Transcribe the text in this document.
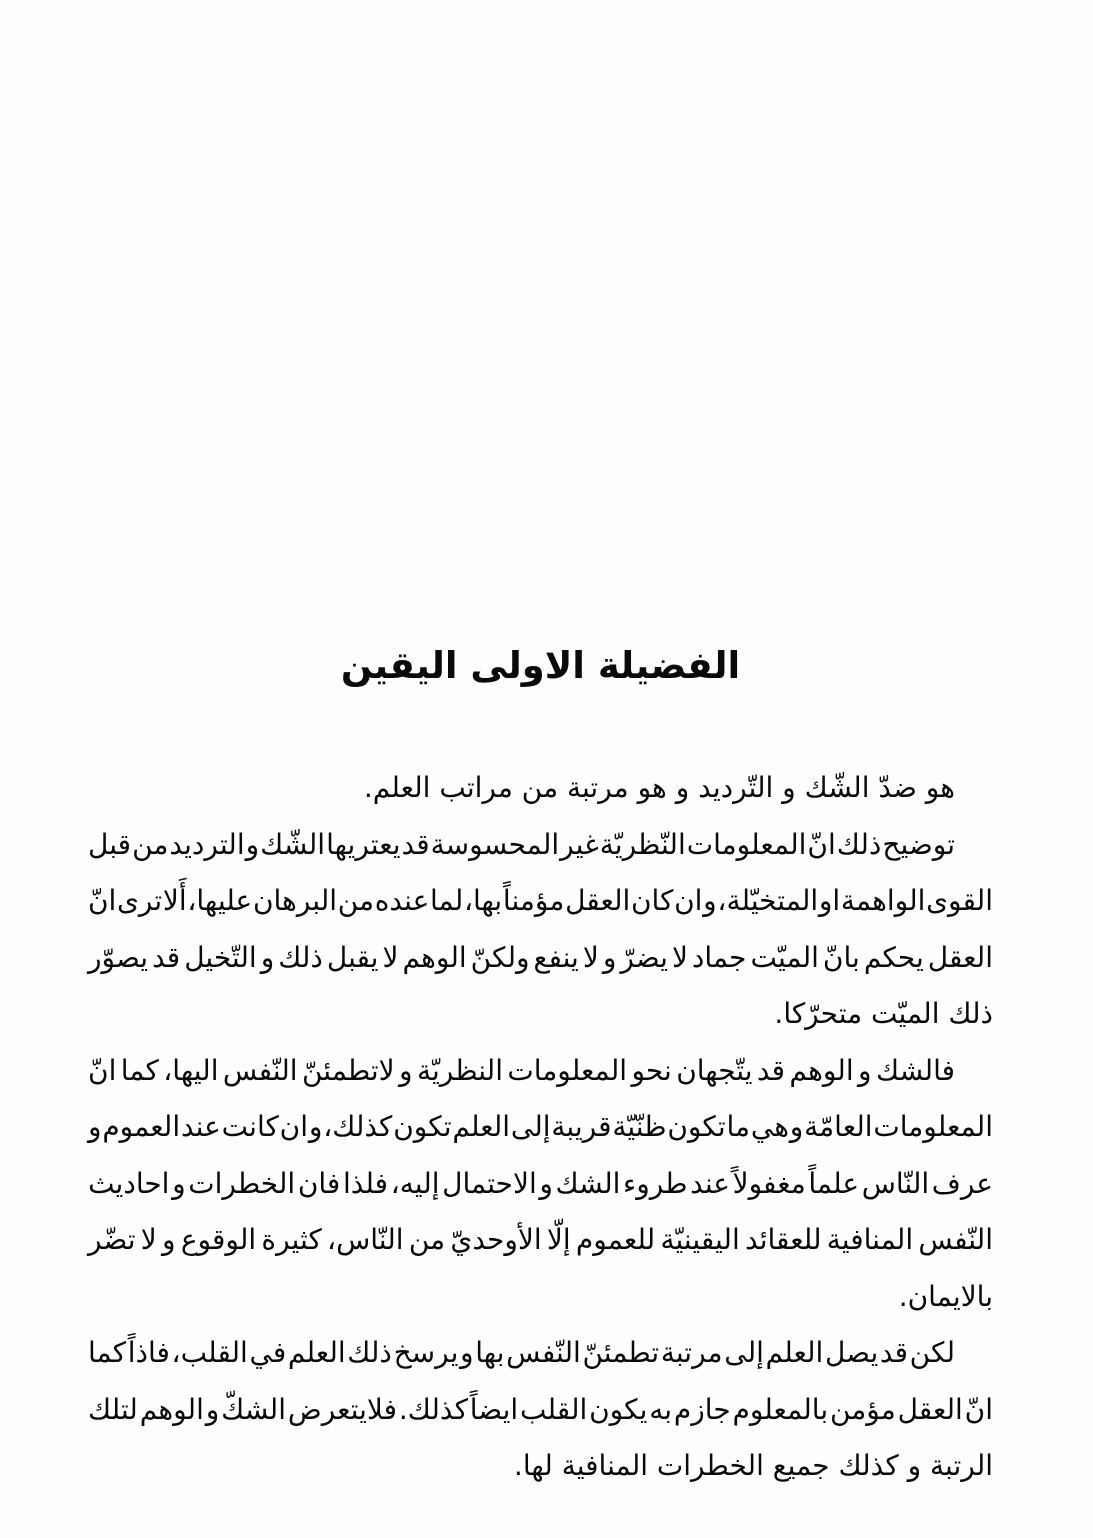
الفضيلة الاولى اليقين
هو ضدّ الشّك و التّرديد و هو مرتبة من مراتب العلم.
توضيح ذلك انّ المعلومات النّظريّة غير المحسوسة قد يعتريها الشّك و الترديد من قبل
القوى الواهمة او المتخيّلة، و ان كان العقل مؤمناً بها، لما عنده من البرهان عليها، أَلا ترى انّ
العقل يحكم بانّ الميّت جماد لا يضرّ و لا ينفع ولكنّ الوهم لا يقبل ذلك و التّخيل قد يصوّر
ذلك الميّت متحرّكا.
فالشك و الوهم قد يتّجهان نحو المعلومات النظريّة و لاتطمئنّ النّفس اليها، كما انّ
المعلومات العامّة و هي ما تكون ظنّيّة قريبة إلى العلم تكون كذلك، و ان كانت عند العموم و
عرف النّاس علماً مغفولاً عند طروء الشك و الاحتمال إليه، فلذا فان الخطرات و احاديث
النّفس المنافية للعقائد اليقينيّة للعموم إلّا الأوحديّ من النّاس، كثيرة الوقوع و لا تضّر
بالايمان.
لكن قد يصل العلم إلى مرتبة تطمئنّ النّفس بها و يرسخ ذلك العلم في القلب، فاذاً كما
انّ العقل مؤمن بالمعلوم جازم به يكون القلب ايضاً كذلك. فلايتعرض الشكّ و الوهم لتلك
الرتبة و كذلك جميع الخطرات المنافية لها.
